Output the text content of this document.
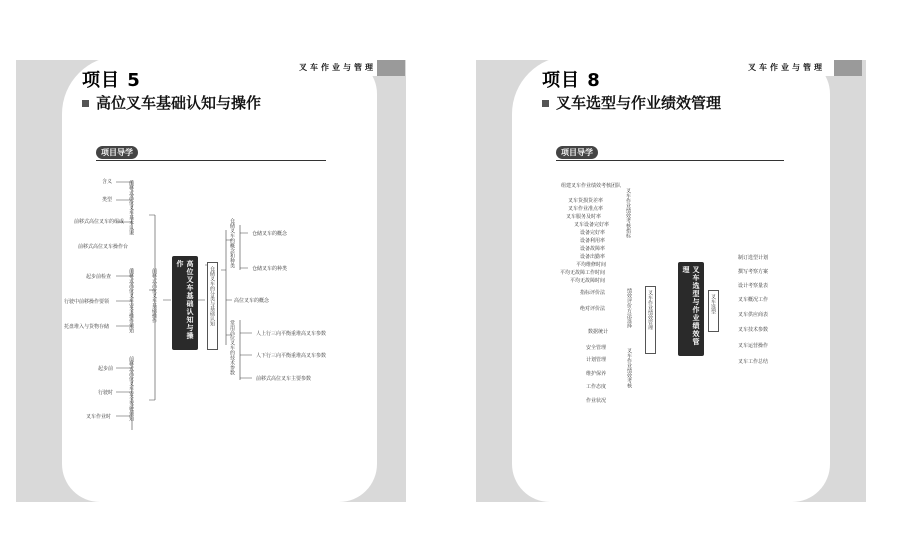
叉车作业与管理
项目 5
高位叉车基础认知与操作
项目导学
含义
类型
前移式高位叉车的组成 前移式高位叉车基本认识
前移式高位叉车操作台
起步前检查
行驶中前移操作要领
托盘堆入与货物存储	前移式高位叉车安全操作须知	前移式高位叉车基础操作
起步前
行驶时
叉车作业时	前移式高位叉车安全驾驶须知
高位叉车基础认知与操作
仓储叉车的分类与基础认知
仓储叉车的概念和种类	仓储叉车的概念
仓储叉车的种类
高位叉车的概念
常用高位叉车的技术参数	人上行三向平衡重堆高叉车参数
人下行三向平衡重堆高叉车参数
前移式高位叉车主要参数
叉车作业与管理
项目 8
叉车选型与作业绩效管理
项目导学
组建叉车作业绩效考核团队
叉车货损货差率
叉车作业准点率
叉车服务及时率
叉车设备完好率
设备完好率
设备利用率
设备故障率
设备出勤率
平均维修时间
平均无故障工作时间
平均无故障时间
叉车作业绩效考核指标
指标评价法
绝对评价法	绩效评价方法选择	叉车作业绩效管理
数据统计
安全管理
计划管理
维护保养
工作态度
作业状况
叉车作业绩效考核
叉车选型与作业绩效管理
叉车选型
制订选型计划
撰写考察方案
设计考察量表
叉车概况工作
叉车供应商表
叉车技术参数
叉车运营操作
叉车工作总结
